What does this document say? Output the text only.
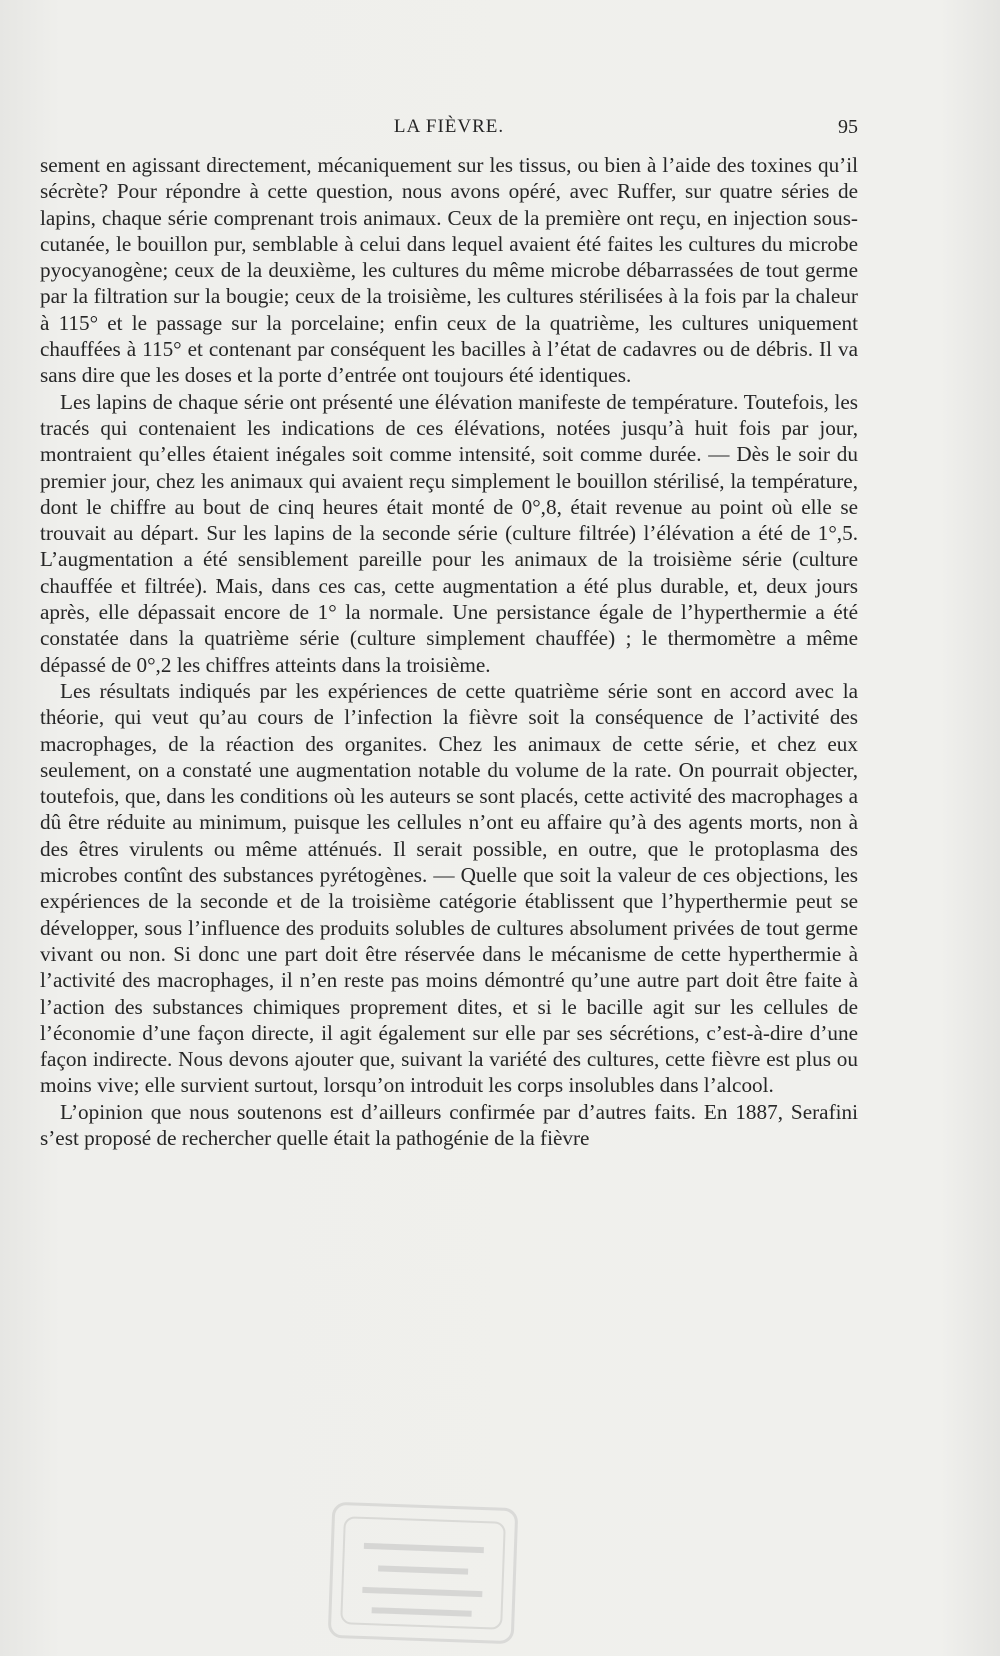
LA FIÈVRE.	95

sement en agissant directement, mécaniquement sur les tissus, ou bien à l’aide des toxines qu’il sécrète? Pour répondre à cette question, nous avons opéré, avec Ruffer, sur quatre séries de lapins, chaque série comprenant trois animaux. Ceux de la première ont reçu, en injection sous-cutanée, le bouillon pur, semblable à celui dans lequel avaient été faites les cultures du microbe pyocyanogène; ceux de la deuxième, les cultures du même microbe débarrassées de tout germe par la filtration sur la bougie; ceux de la troisième, les cultures stérilisées à la fois par la chaleur à 115° et le passage sur la porcelaine; enfin ceux de la quatrième, les cultures uniquement chauffées à 115° et contenant par conséquent les bacilles à l’état de cadavres ou de débris. Il va sans dire que les doses et la porte d’entrée ont toujours été identiques.

Les lapins de chaque série ont présenté une élévation manifeste de température. Toutefois, les tracés qui contenaient les indications de ces élévations, notées jusqu’à huit fois par jour, montraient qu’elles étaient inégales soit comme intensité, soit comme durée. — Dès le soir du premier jour, chez les animaux qui avaient reçu simplement le bouillon stérilisé, la température, dont le chiffre au bout de cinq heures était monté de 0°,8, était revenue au point où elle se trouvait au départ. Sur les lapins de la seconde série (culture filtrée) l’élévation a été de 1°,5. L’augmentation a été sensiblement pareille pour les animaux de la troisième série (culture chauffée et filtrée). Mais, dans ces cas, cette augmentation a été plus durable, et, deux jours après, elle dépassait encore de 1° la normale. Une persistance égale de l’hyperthermie a été constatée dans la quatrième série (culture simplement chauffée) ; le thermomètre a même dépassé de 0°,2 les chiffres atteints dans la troisième.

Les résultats indiqués par les expériences de cette quatrième série sont en accord avec la théorie, qui veut qu’au cours de l’infection la fièvre soit la conséquence de l’activité des macrophages, de la réaction des organites. Chez les animaux de cette série, et chez eux seulement, on a constaté une augmentation notable du volume de la rate. On pourrait objecter, toutefois, que, dans les conditions où les auteurs se sont placés, cette activité des macrophages a dû être réduite au minimum, puisque les cellules n’ont eu affaire qu’à des agents morts, non à des êtres virulents ou même atténués. Il serait possible, en outre, que le protoplasma des microbes contînt des substances pyrétogènes. — Quelle que soit la valeur de ces objections, les expériences de la seconde et de la troisième catégorie établissent que l’hyperthermie peut se développer, sous l’influence des produits solubles de cultures absolument privées de tout germe vivant ou non. Si donc une part doit être réservée dans le mécanisme de cette hyperthermie à l’activité des macrophages, il n’en reste pas moins démontré qu’une autre part doit être faite à l’action des substances chimiques proprement dites, et si le bacille agit sur les cellules de l’économie d’une façon directe, il agit également sur elle par ses sécrétions, c’est-à-dire d’une façon indirecte. Nous devons ajouter que, suivant la variété des cultures, cette fièvre est plus ou moins vive; elle survient surtout, lorsqu’on introduit les corps insolubles dans l’alcool.

L’opinion que nous soutenons est d’ailleurs confirmée par d’autres faits. En 1887, Serafini s’est proposé de rechercher quelle était la pathogénie de la fièvre
